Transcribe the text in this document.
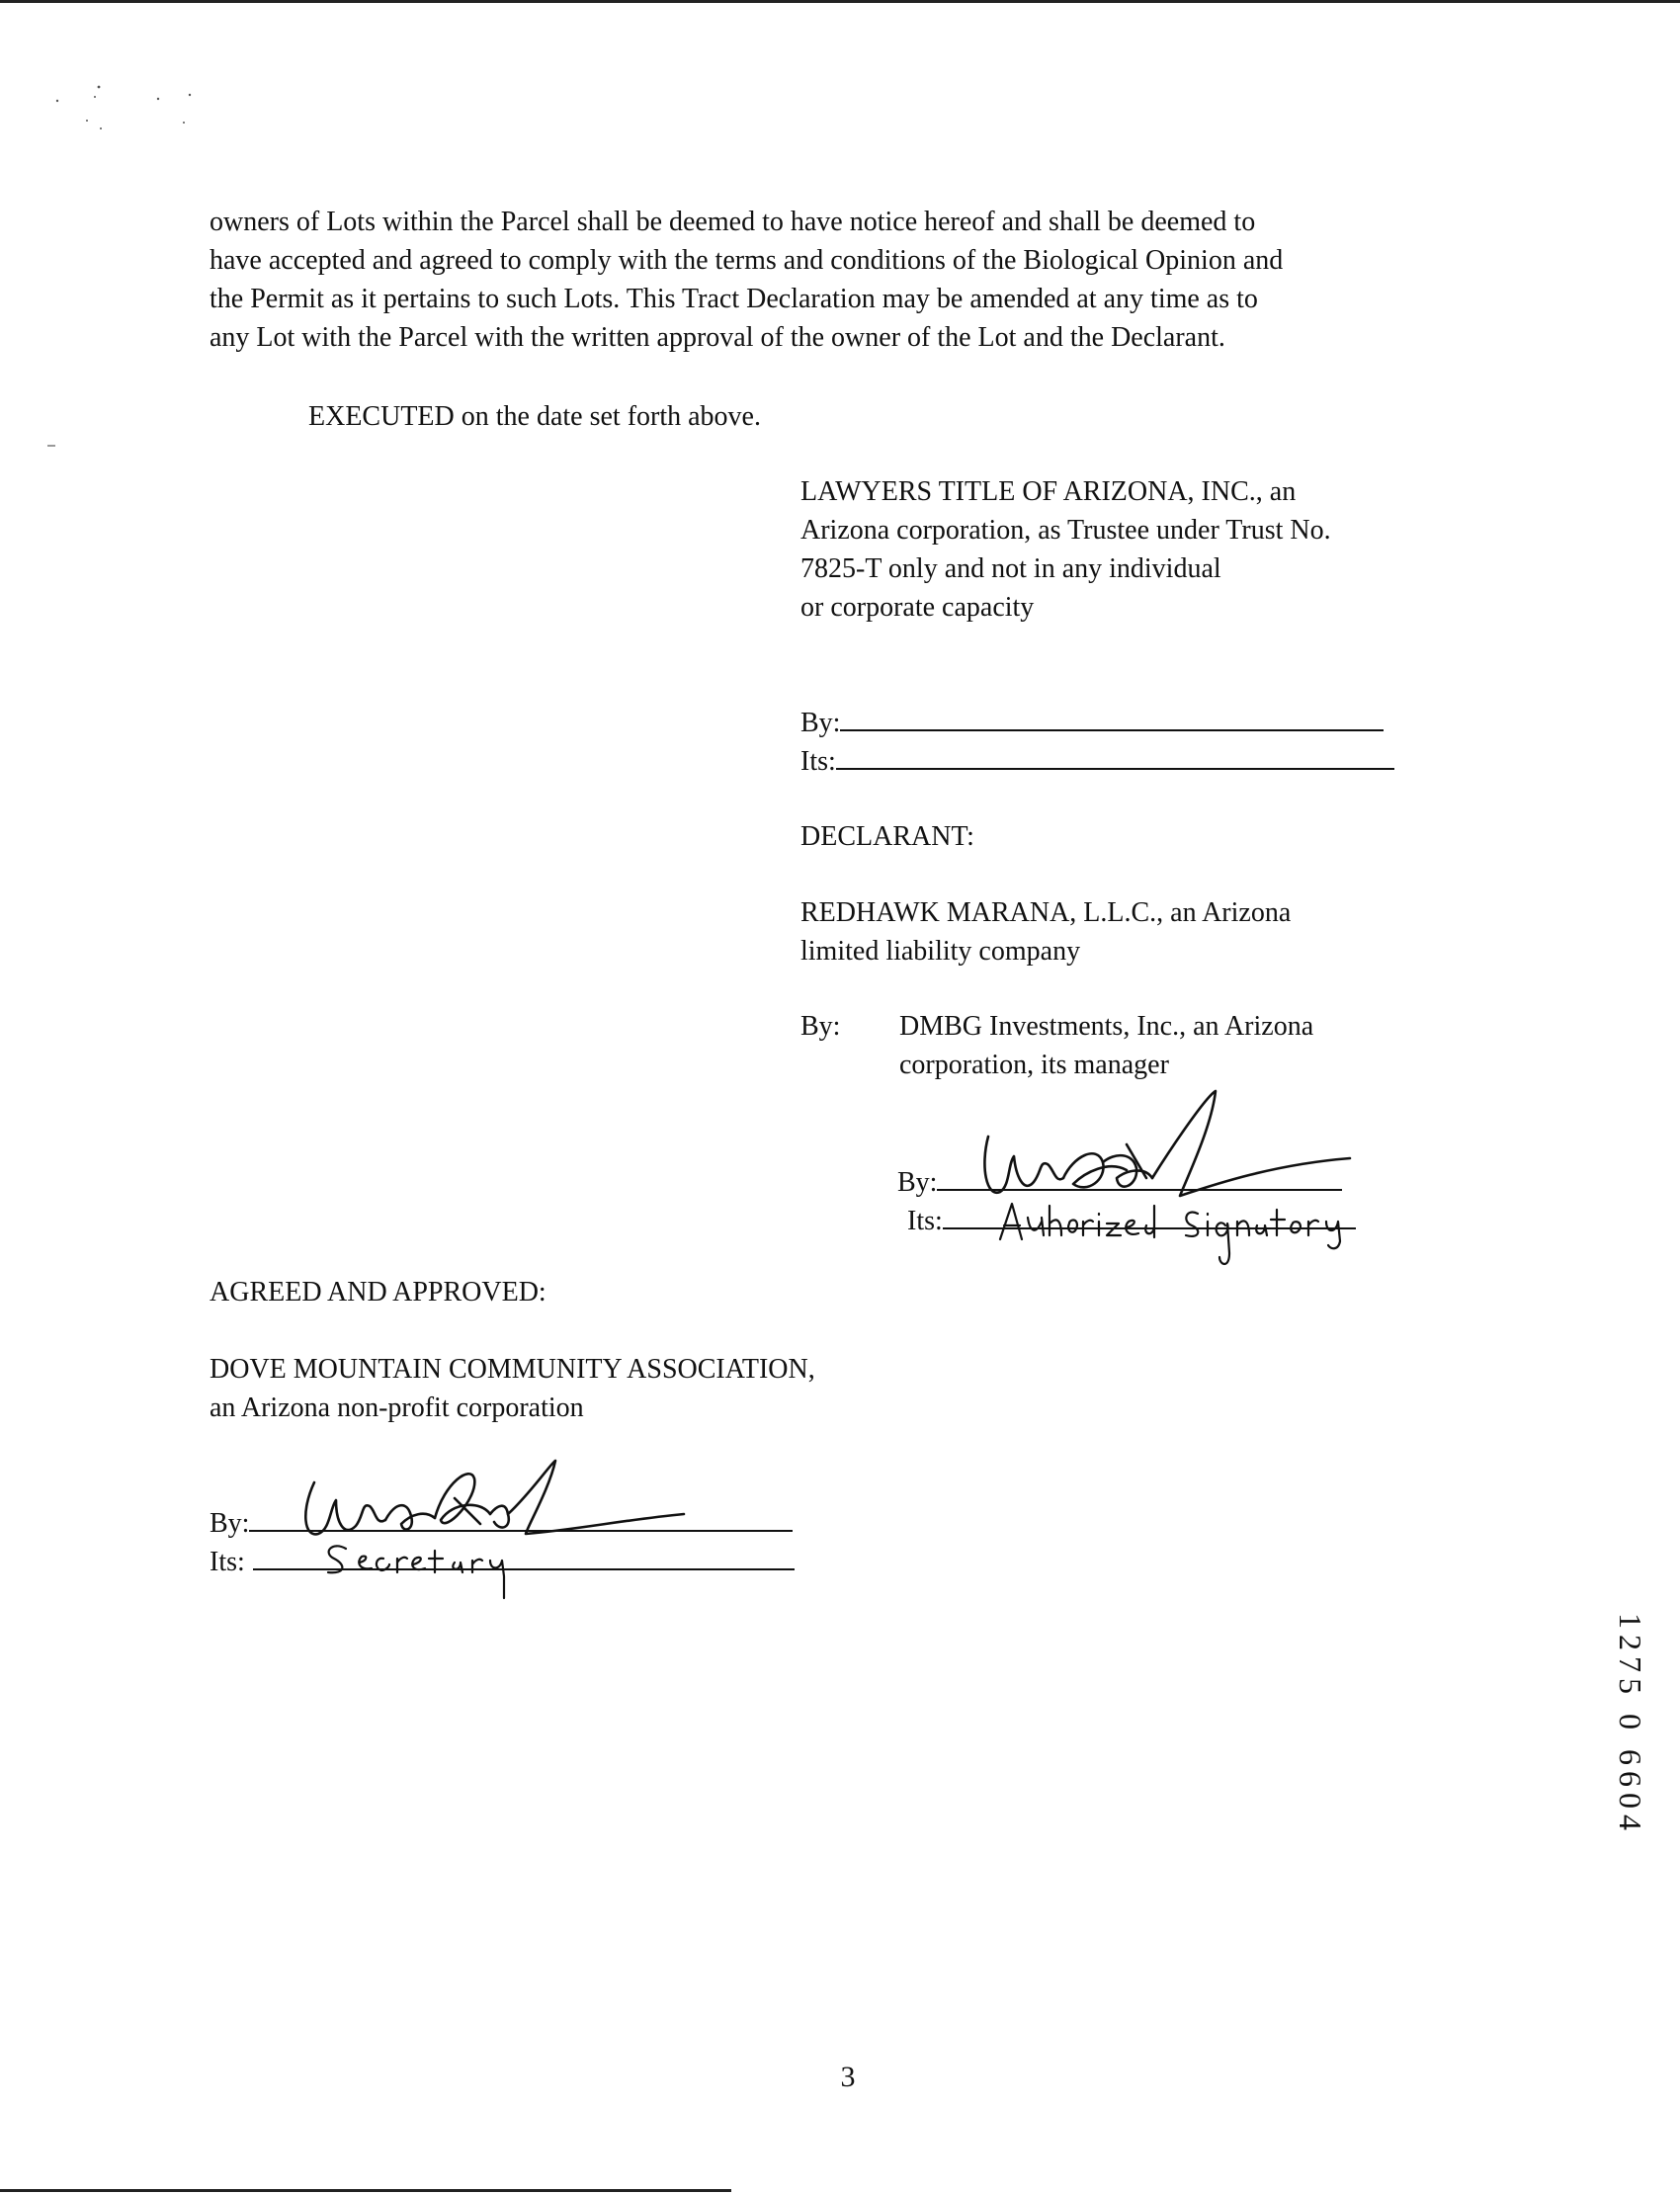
owners of Lots within the Parcel shall be deemed to have notice hereof and shall be deemed to
have accepted and agreed to comply with the terms and conditions of the Biological Opinion and
the Permit as it pertains to such Lots. This Tract Declaration may be amended at any time as to
any Lot with the Parcel with the written approval of the owner of the Lot and the Declarant.
EXECUTED on the date set forth above.
LAWYERS TITLE OF ARIZONA, INC., an
Arizona corporation, as Trustee under Trust No.
7825-T only and not in any individual
or corporate capacity
By:
Its:
DECLARANT:
REDHAWK MARANA, L.L.C., an Arizona
limited liability company
By: DMBG Investments, Inc., an Arizona
corporation, its manager
By:
Its:
AGREED AND APPROVED:
DOVE MOUNTAIN COMMUNITY ASSOCIATION,
an Arizona non-profit corporation
By:
Its:
3
1275 0 6604
